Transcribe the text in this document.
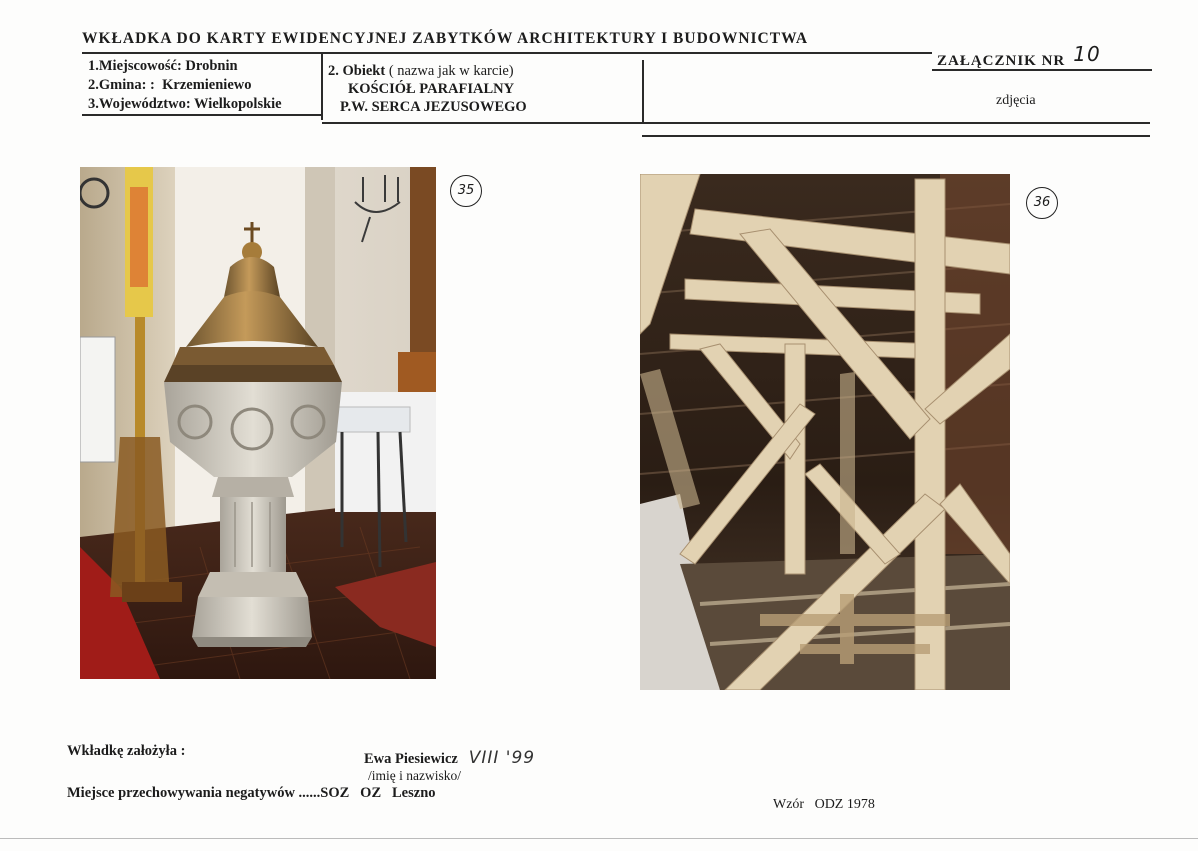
WKŁADKA DO KARTY EWIDENCYJNEJ ZABYTKÓW ARCHITEKTURY I BUDOWNICTWA
ZAŁĄCZNIK NR 10
1.Miejscowość: Drobnin
2.Gmina: : Krzemieniewo
3.Województwo: Wielkopolskie
2. Obiekt ( nazwa jak w karcie)
KOŚCIÓŁ PARAFIALNY
P.W. SERCA JEZUSOWEGO	zdjęcia
35
36
Wkładkę założyła :	Ewa Piesiewicz VIII '99
/imię i nazwisko/
Miejsce przechowywania negatywów ......SOZ   OZ   Leszno
Wzór   ODZ 1978
